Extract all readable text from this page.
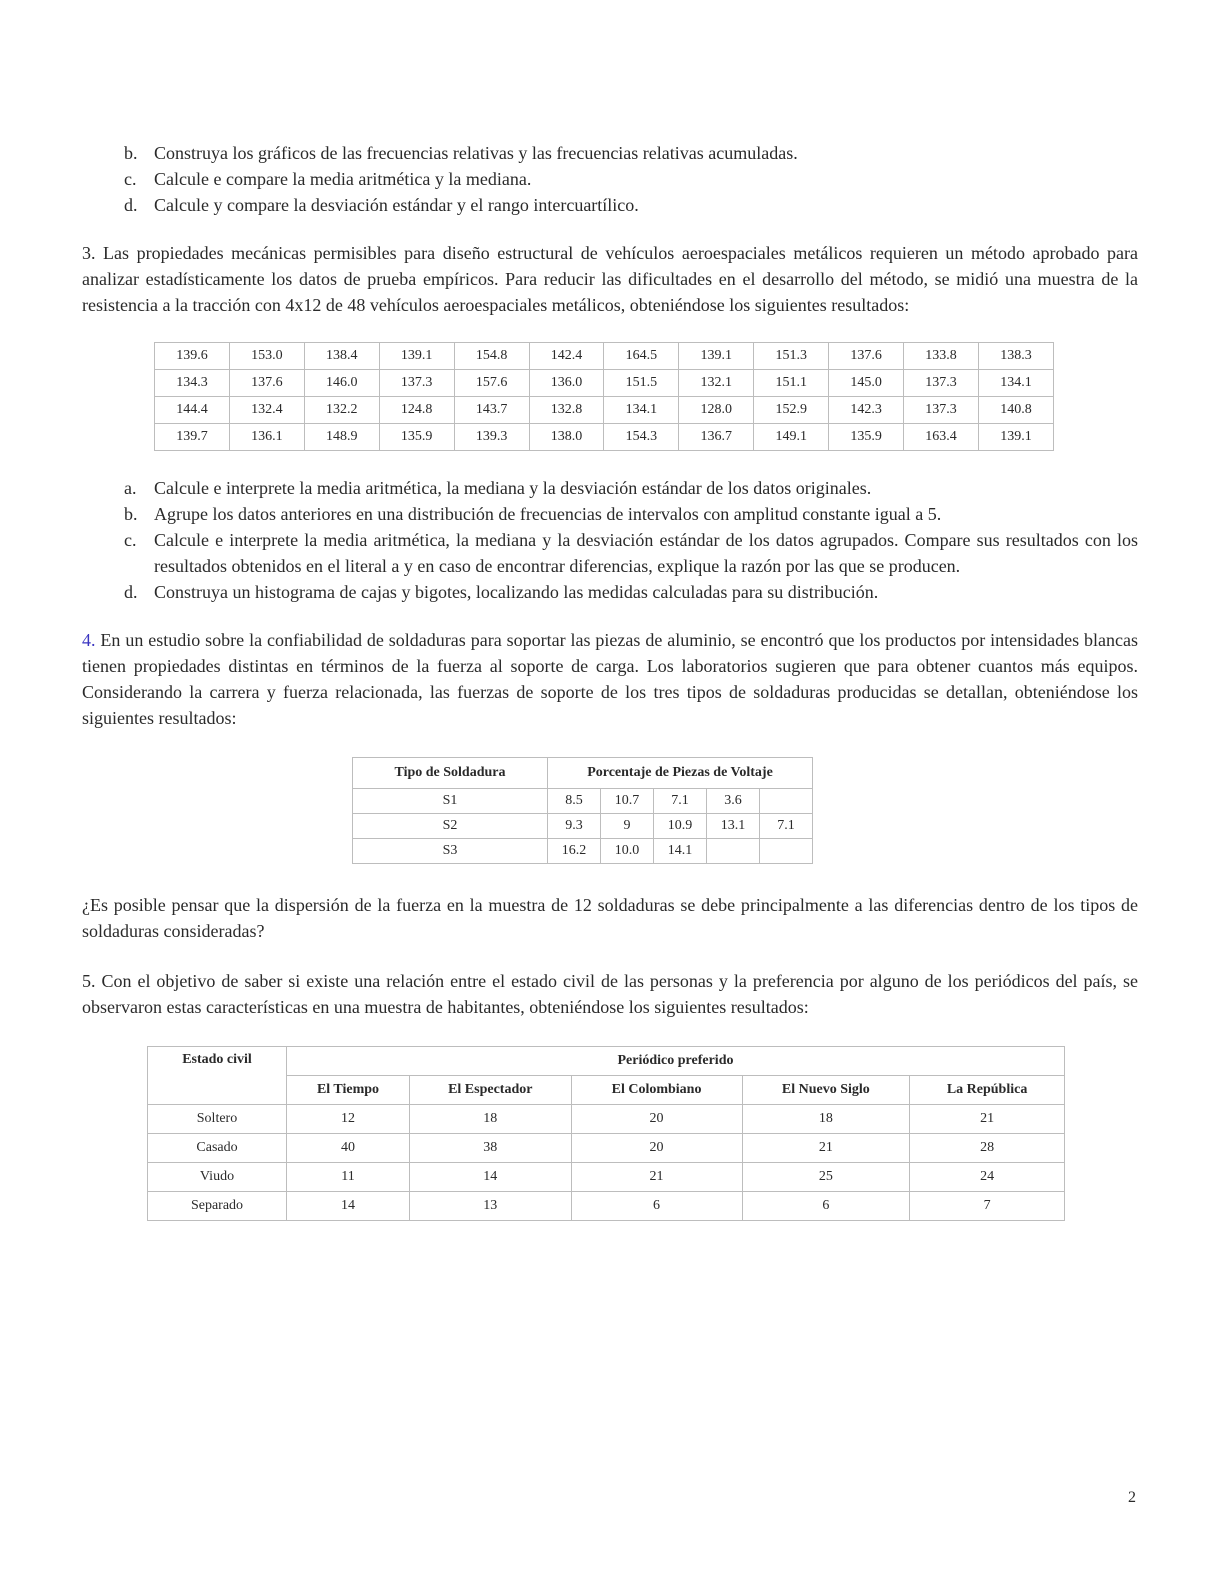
b. Construya los gráficos de las frecuencias relativas y las frecuencias relativas acumuladas.
c. Calcule e compare la media aritmética y la mediana.
d. Calcule y compare la desviación estándar y el rango intercuartílico.

3. Las propiedades mecánicas permisibles para diseño estructural de vehículos aeroespaciales metálicos requieren un método aprobado para analizar estadísticamente los datos de prueba empíricos. Para reducir las dificultades en el desarrollo del método, se midió una muestra de la resistencia a la tracción con 4x12 de 48 vehículos aeroespaciales metálicos, obteniéndose los siguientes resultados:

139.6	153.0	138.4	139.1	154.8	142.4	164.5	139.1	151.3	137.6	133.8	138.3
134.3	137.6	146.0	137.3	157.6	136.0	151.5	132.1	151.1	145.0	137.3	134.1
144.4	132.4	132.2	124.8	143.7	132.8	134.1	128.0	152.9	142.3	137.3	140.8
139.7	136.1	148.9	135.9	139.3	138.0	154.3	136.7	149.1	135.9	163.4	139.1
a. Calcule e interprete la media aritmética, la mediana y la desviación estándar de los datos originales.
b. Agrupe los datos anteriores en una distribución de frecuencias de intervalos con amplitud constante igual a 5.
c. Calcule e interprete la media aritmética, la mediana y la desviación estándar de los datos agrupados. Compare sus resultados con los resultados obtenidos en el literal a y en caso de encontrar diferencias, explique la razón por las que se producen.
d. Construya un histograma de cajas y bigotes, localizando las medidas calculadas para su distribución.

4. En un estudio sobre la confiabilidad de soldaduras para soportar las piezas de aluminio, se encontró que los productos por intensidades blancas tienen propiedades distintas en términos de la fuerza al soporte de carga. Los laboratorios sugieren que para obtener cuantos más equipos. Considerando la carrera y fuerza relacionada, las fuerzas de soporte de los tres tipos de soldaduras producidas se detallan, obteniéndose los siguientes resultados:

Tipo de Soldadura	Porcentaje de Piezas de Voltaje				
S1	8.5	10.7	7.1	3.6	
S2	9.3	9	10.9	13.1	7.1
S3	16.2	10.0	14.1		

¿Es posible pensar que la dispersión de la fuerza en la muestra de 12 soldaduras se debe principalmente a las diferencias dentro de los tipos de soldaduras consideradas?

5. Con el objetivo de saber si existe una relación entre el estado civil de las personas y la preferencia por alguno de los periódicos del país, se observaron estas características en una muestra de habitantes, obteniéndose los siguientes resultados:

Estado civil	Periódico preferido				
	El Tiempo	El Espectador	El Colombiano	El Nuevo Siglo	La República
Soltero	12	18	20	18	21
Casado	40	38	20	21	28
Viudo	11	14	21	25	24
Separado	14	13	6	6	7
2
